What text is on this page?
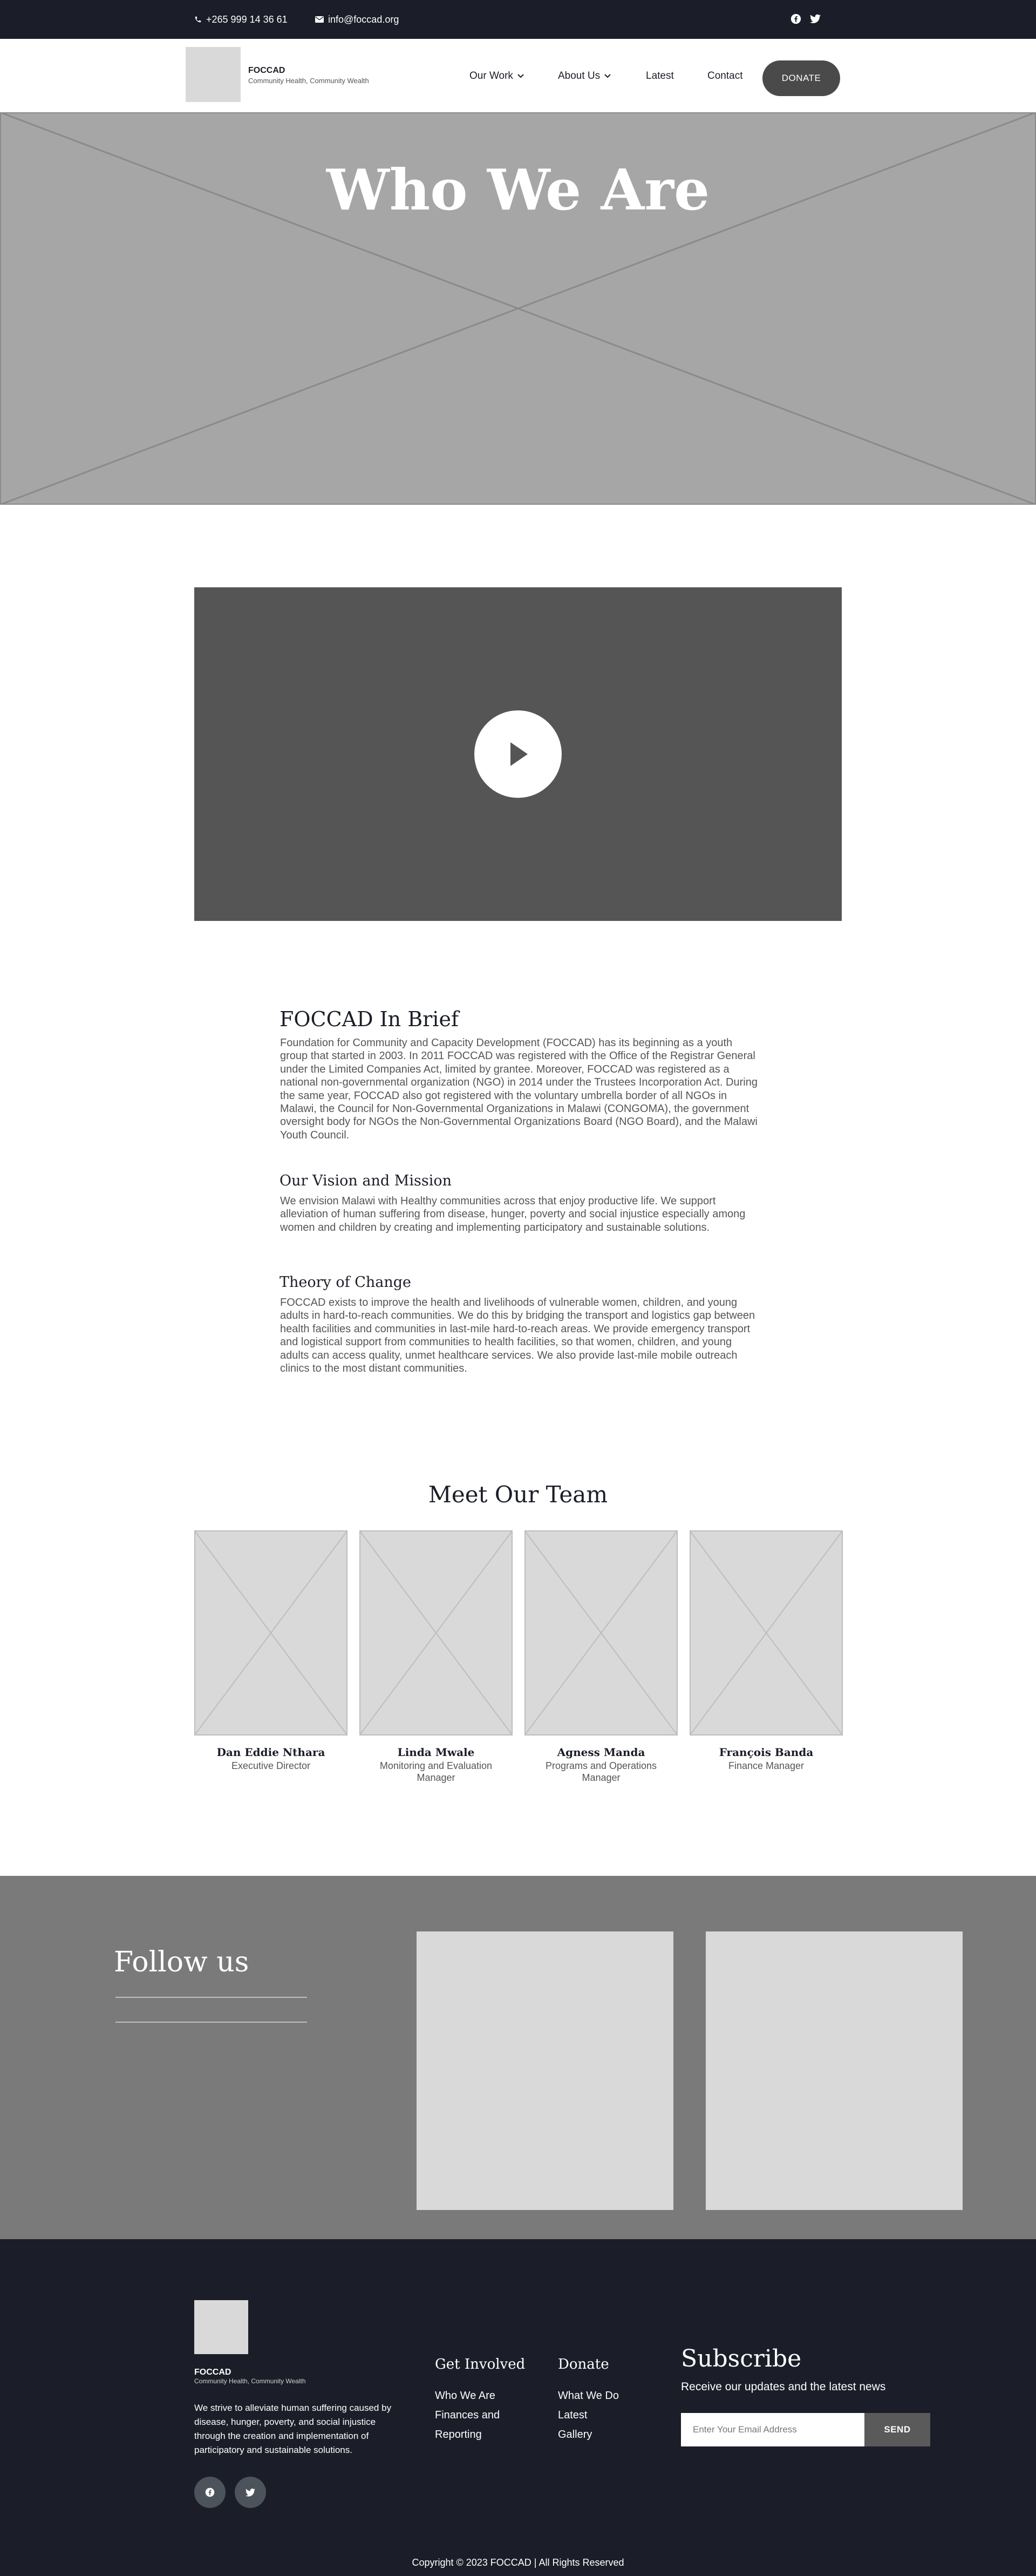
+265 999 14 36 61	info@foccad.org
FOCCAD
Community Health, Community Wealth	Our Work	About Us	Latest	Contact	DONATE
Who We Are
FOCCAD In Brief
Foundation for Community and Capacity Development (FOCCAD) has its beginning as a youth group that started in 2003. In 2011 FOCCAD was registered with the Office of the Registrar General under the Limited Companies Act, limited by grantee. Moreover, FOCCAD was registered as a national non-governmental organization (NGO) in 2014 under the Trustees Incorporation Act. During the same year, FOCCAD also got registered with the voluntary umbrella border of all NGOs in Malawi, the Council for Non-Governmental Organizations in Malawi (CONGOMA), the government oversight body for NGOs the Non-Governmental Organizations Board (NGO Board), and the Malawi Youth Council.
Our Vision and Mission
We envision Malawi with Healthy communities across that enjoy productive life. We support alleviation of human suffering from disease, hunger, poverty and social injustice especially among women and children by creating and implementing participatory and sustainable solutions.
Theory of Change
FOCCAD exists to improve the health and livelihoods of vulnerable women, children, and young adults in hard-to-reach communities. We do this by bridging the transport and logistics gap between health facilities and communities in last-mile hard-to-reach areas. We provide emergency transport and logistical support from communities to health facilities, so that women, children, and young adults can access quality, unmet healthcare services. We also provide last-mile mobile outreach clinics to the most distant communities.
Meet Our Team
Dan Eddie Nthara
Executive Director
Linda Mwale
Monitoring and Evaluation Manager
Agness Manda
Programs and Operations Manager
François Banda
Finance Manager
Follow us
FOCCAD
Community Health, Community Wealth
We strive to alleviate human suffering caused by disease, hunger, poverty, and social injustice through the creation and implementation of participatory and sustainable solutions.
Get Involved
Who We Are
Finances and
Reporting
Donate
What We Do
Latest
Gallery
Subscribe
Receive our updates and the latest news
Enter Your Email Address
SEND
Copyright © 2023 FOCCAD | All Rights Reserved
